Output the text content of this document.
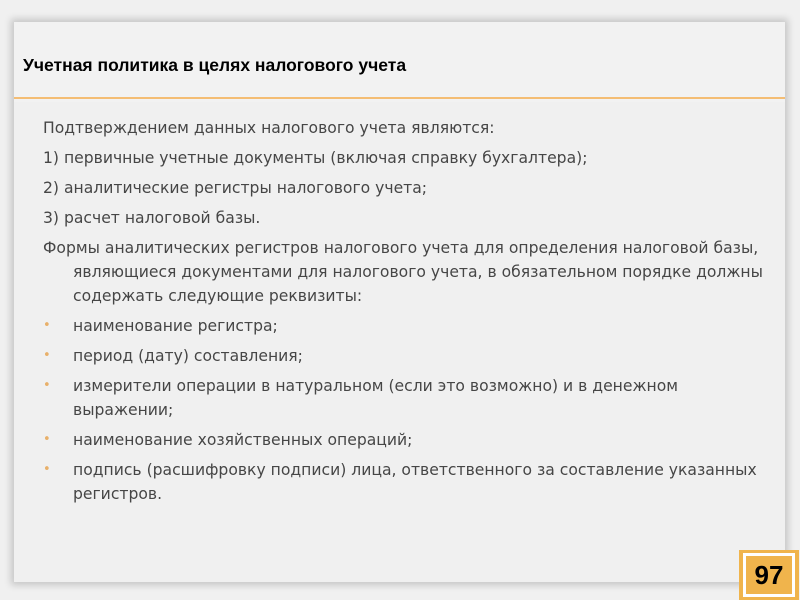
Учетная политика в целях налогового учета

Подтверждением данных налогового учета являются:

1) первичные учетные документы (включая справку бухгалтера);

2) аналитические регистры налогового учета;

3) расчет налоговой базы.

Формы аналитических регистров налогового учета для определения налоговой базы, являющиеся документами для налогового учета, в обязательном порядке должны содержать следующие реквизиты:

• наименование регистра;
• период (дату) составления;
• измерители операции в натуральном (если это возможно) и в денежном выражении;
• наименование хозяйственных операций;
• подпись (расшифровку подписи) лица, ответственного за составление указанных регистров.
97
